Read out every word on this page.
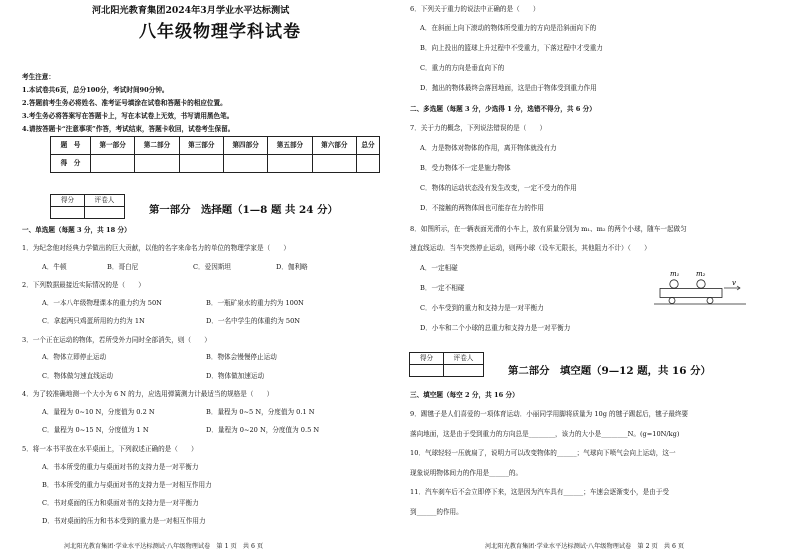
河北阳光教育集团2024年3月学业水平达标测试
八年级物理学科试卷
考生注意：
1.本试卷共6页，总分100分，考试时间90分钟。
2.答题前考生务必将姓名、准考证号填涂在试卷和答题卡的相应位置。
3.考生务必将答案写在答题卡上，写在本试卷上无效，书写请用黑色笔。
4.请按答题卡“注意事项”作答，考试结束，答题卡收回，试卷考生保留。
题　号	第一部分	第二部分	第三部分	第四部分	第五部分	第六部分	总分
得　分							
得分	评卷人

第一部分　选择题（1—8 题 共 24 分）
一、单选题（每题 3 分，共 18 分）
1．为纪念他对经典力学做出的巨大贡献，以他的名字来命名力的单位的物理学家是（　　）
A．牛顿	B．哥白尼	C．爱因斯坦	D．伽利略
2．下列数据最接近实际情况的是（　　）
A．一本八年级物理课本的重力约为 50N	B．一瓶矿泉水的重力约为 100N
C．拿起两只鸡蛋所用的力约为 1N	D．一名中学生的体重约为 50N
3．一个正在运动的物体，若所受外力同时全部消失，则（　　）
A．物体立即停止运动	B．物体会慢慢停止运动
C．物体做匀速直线运动	D．物体做加速运动
4．为了较准确地测一个大小为 6 N 的力，应选用弹簧测力计最适当的规格是（　　）
A．量程为 0~10 N，分度值为 0.2 N	B．量程为 0~5 N，分度值为 0.1 N
C．量程为 0~15 N，分度值为 1 N	D．量程为 0~20 N，分度值为 0.5 N
5．将一本书平放在水平桌面上，下列叙述正确的是（　　）
A．书本所受的重力与桌面对书的支持力是一对平衡力
B．书本所受的重力与桌面对书的支持力是一对相互作用力
C．书对桌面的压力和桌面对书的支持力是一对平衡力
D．书对桌面的压力和书本受到的重力是一对相互作用力
河北阳光教育集团·学业水平达标测试·八年级物理试卷　第 1 页　共 6 页
6．下列关于重力的说法中正确的是（　　）
A．在斜面上向下滚动的物体所受重力的方向是沿斜面向下的
B．向上投出的篮球上升过程中不受重力，下落过程中才受重力
C．重力的方向是垂直向下的
D．抛出的物体最终会落回地面，这是由于物体受到重力作用
二、多选题（每题 3 分，少选得 1 分，选错不得分，共 6 分）
7．关于力的概念，下列说法错误的是（　　）
A．力是物体对物体的作用，离开物体就没有力
B．受力物体不一定是施力物体
C．物体的运动状态没有发生改变，一定不受力的作用
D．不接触的两物体间也可能存在力的作用
8．如图所示，在一辆表面光滑的小车上，放有质量分别为 m₁、m₂ 的两个小球，随车一起做匀
速直线运动．当车突然停止运动，则两小球（设车无限长，其他阻力不计）（　　）
A．一定相碰
B．一定不相碰
C．小车受到的重力和支持力是一对平衡力
D．小车和二个小球的总重力和支持力是一对平衡力
得分	评卷人

第二部分　填空题（9—12 题，共 16 分）
三、填空题（每空 2 分，共 16 分）
9．踢毽子是人们喜爱的一项体育运动．小丽同学用脚将质量为 10g 的毽子踢起后，毽子最终要
落向地面，这是由于受到重力的方向总是________，该力的大小是________N。(g=10N/kg)
10．气球轻轻一压就扁了，说明力可以改变物体的______；气球向下喷气会向上运动，这一
现象说明物体间力的作用是______的。
11．汽车刹车后不会立即停下来，这是因为汽车具有______；车速会逐渐变小，是由于受
到______的作用。
河北阳光教育集团·学业水平达标测试·八年级物理试卷　第 2 页　共 6 页
m₁ m₂
v
